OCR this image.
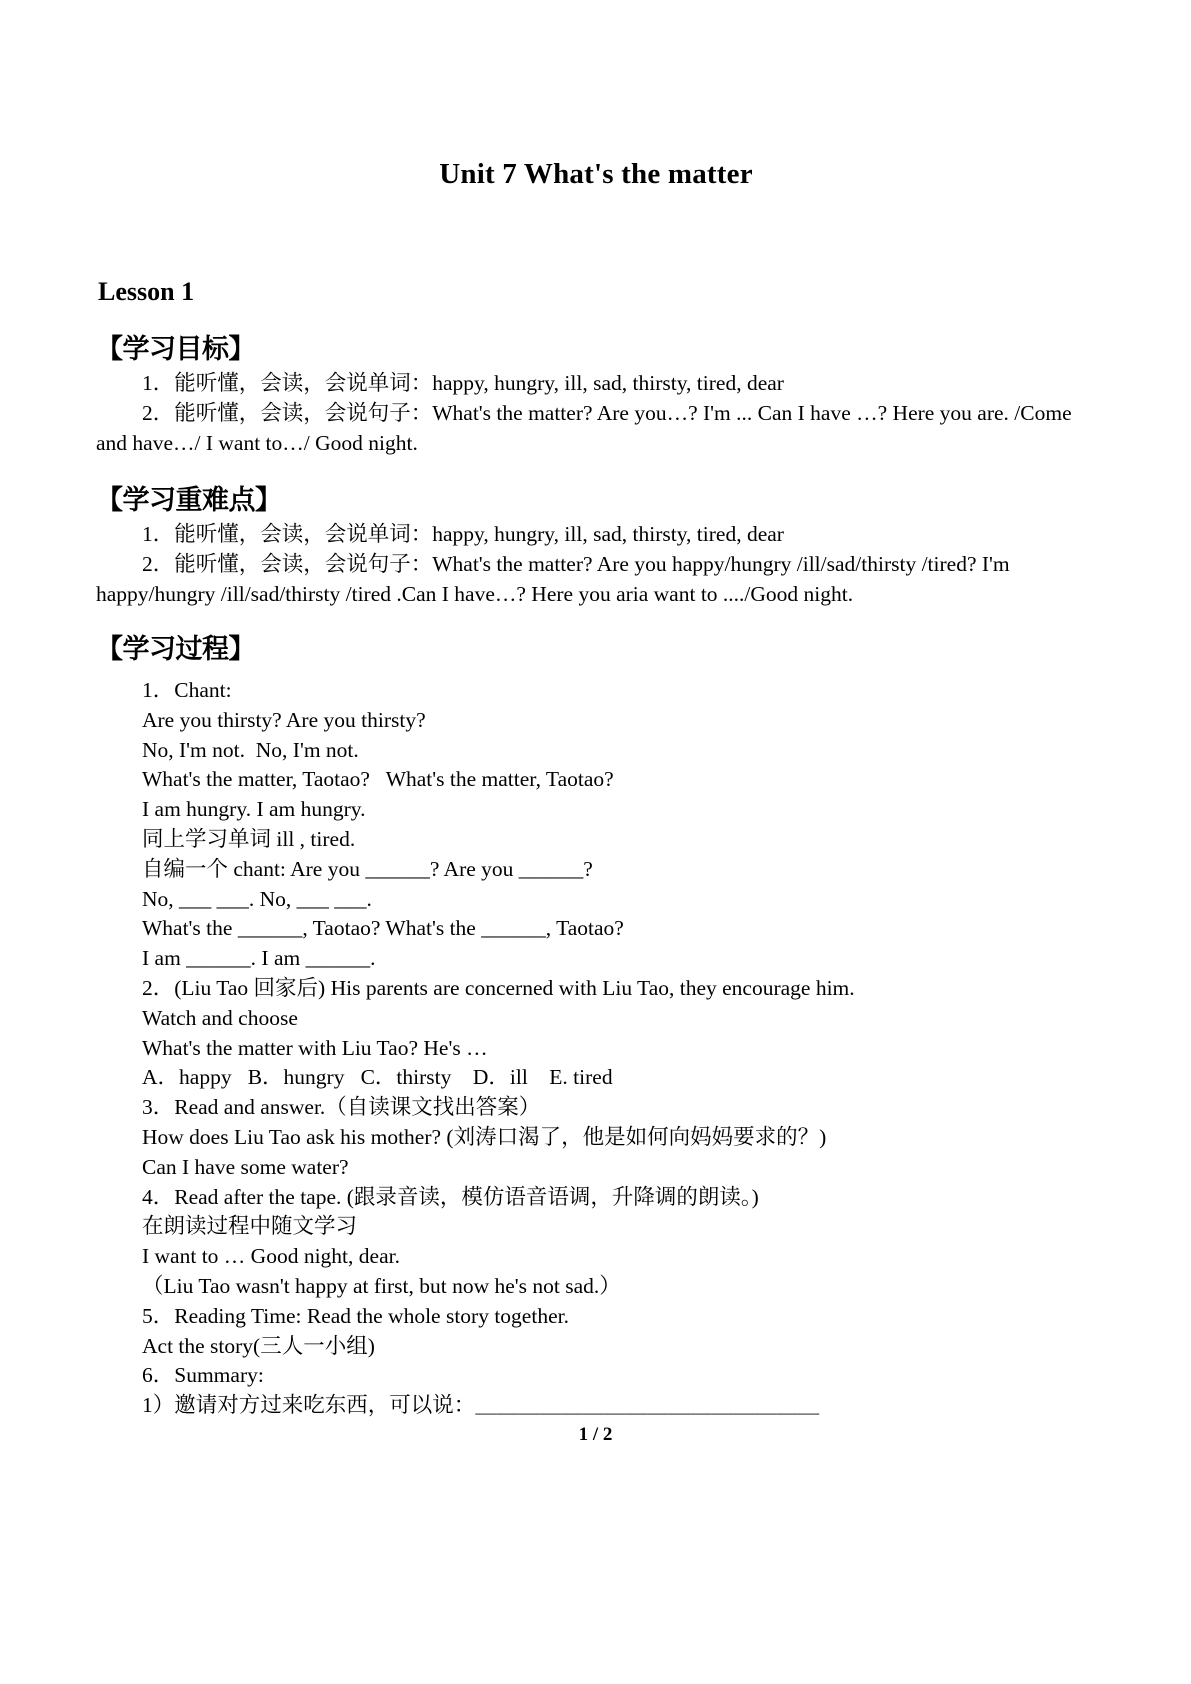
Unit 7 What's the matter
Lesson 1
【学习目标】

1．能听懂，会读，会说单词：happy, hungry, ill, sad, thirsty, tired, dear

2．能听懂，会读，会说句子：What's the matter? Are you…? I'm ... Can I have …? Here you are. /Come and have…/ I want to…/ Good night.

【学习重难点】

1．能听懂，会读，会说单词：happy, hungry, ill, sad, thirsty, tired, dear

2．能听懂，会读，会说句子：What's the matter? Are you happy/hungry /ill/sad/thirsty /tired? I'm happy/hungry /ill/sad/thirsty /tired .Can I have…? Here you aria want to ..../Good night.

【学习过程】

1．Chant:

Are you thirsty? Are you thirsty?

No, I'm not.  No, I'm not.

What's the matter, Taotao?   What's the matter, Taotao?

I am hungry. I am hungry.

同上学习单词 ill , tired.

自编一个 chant: Are you ______? Are you ______?

No, ___ ___. No, ___ ___.

What's the ______, Taotao? What's the ______, Taotao?

I am ______. I am ______.

2．(Liu Tao 回家后) His parents are concerned with Liu Tao, they encourage him.

Watch and choose

What's the matter with Liu Tao? He's …

A．happy   B．hungry   C．thirsty    D．ill    E. tired

3．Read and answer.（自读课文找出答案）

How does Liu Tao ask his mother? (刘涛口渴了，他是如何向妈妈要求的？)

Can I have some water?

4．Read after the tape. (跟录音读，模仿语音语调，升降调的朗读。)

在朗读过程中随文学习

I want to … Good night, dear.

（Liu Tao wasn't happy at first, but now he's not sad.）

5．Reading Time: Read the whole story together.

Act the story(三人一小组)

6．Summary:

1）邀请对方过来吃东西，可以说：＿＿＿＿＿＿＿＿＿＿＿＿＿＿＿＿

1 / 2
